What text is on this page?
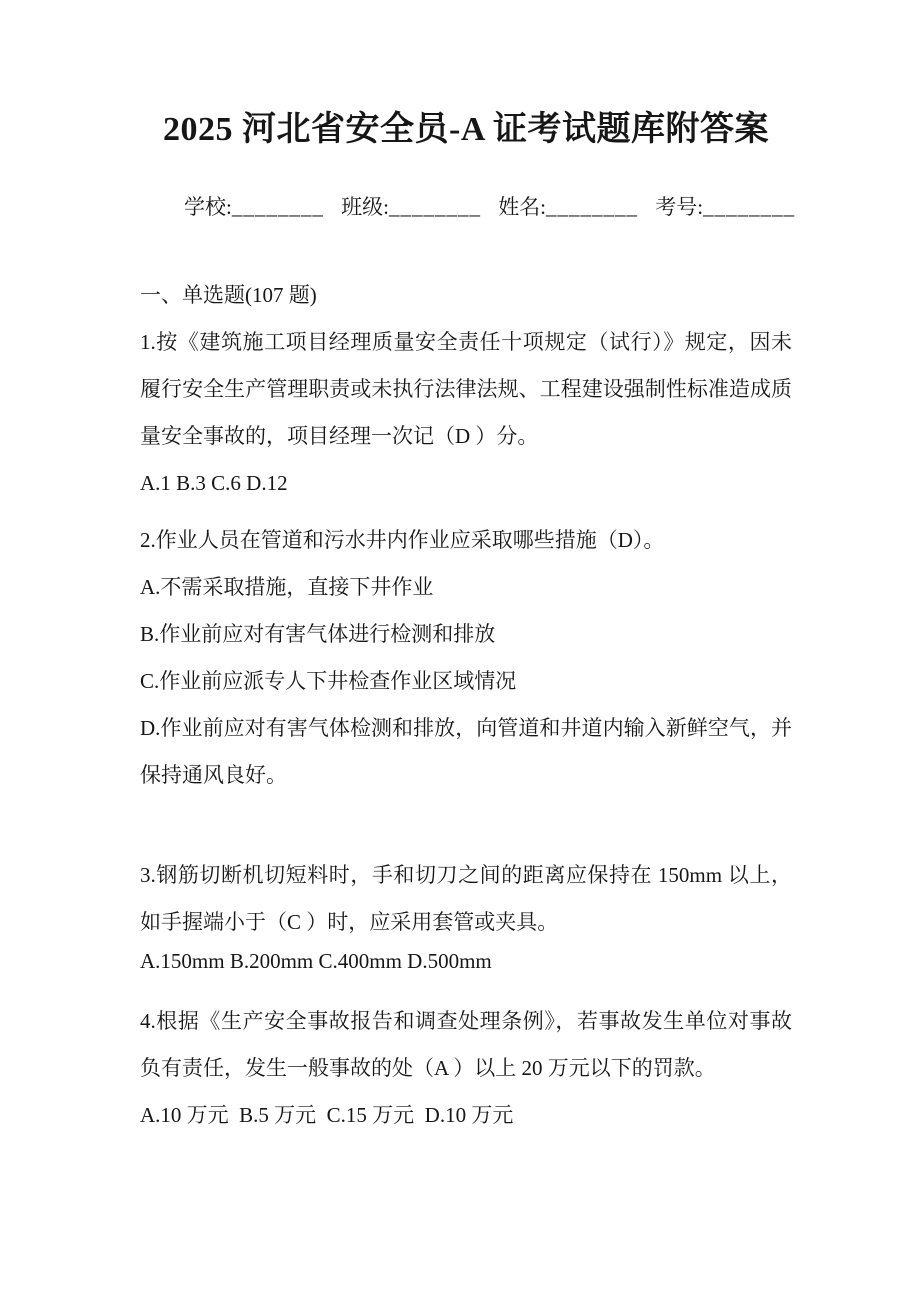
2025 河北省安全员-A 证考试题库附答案

学校:________ 班级:________ 姓名:________ 考号:________

一、单选题(107 题)

1.按《建筑施工项目经理质量安全责任十项规定（试行）》规定，因未履行安全生产管理职责或未执行法律法规、工程建设强制性标准造成质量安全事故的，项目经理一次记（D ）分。

A.1 B.3 C.6 D.12

2.作业人员在管道和污水井内作业应采取哪些措施（D）。

A.不需采取措施，直接下井作业

B.作业前应对有害气体进行检测和排放

C.作业前应派专人下井检查作业区域情况

D.作业前应对有害气体检测和排放，向管道和井道内输入新鲜空气，并保持通风良好。

3.钢筋切断机切短料时，手和切刀之间的距离应保持在 150mm 以上，如手握端小于（C ）时，应采用套管或夹具。

A.150mm B.200mm C.400mm D.500mm

4.根据《生产安全事故报告和调查处理条例》，若事故发生单位对事故负有责任，发生一般事故的处（A ）以上 20 万元以下的罚款。

A.10 万元  B.5 万元  C.15 万元  D.10 万元
